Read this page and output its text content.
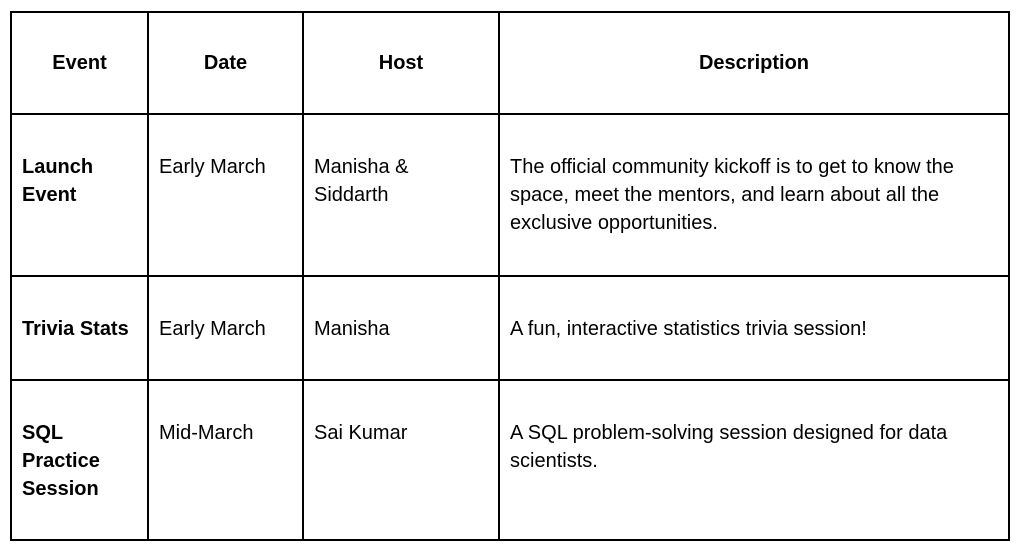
Event	Date	Host	Description
Launch Event	Early March	Manisha & Siddarth	The official community kickoff is to get to know the space, meet the mentors, and learn about all the exclusive opportunities.
Trivia Stats	Early March	Manisha	A fun, interactive statistics trivia session!
SQL Practice Session	Mid-March	Sai Kumar	A SQL problem-solving session designed for data scientists.
